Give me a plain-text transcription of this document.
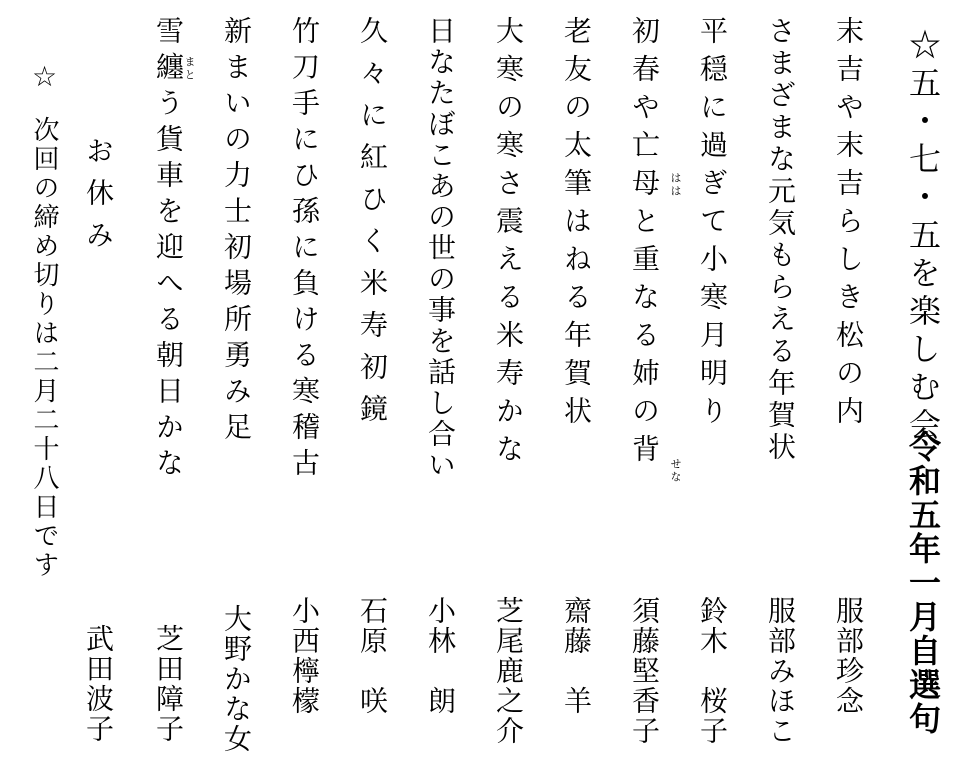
☆五・七・五を楽しむ会
令和五年一月自選句
末吉や末吉らしき松の内
服部珍念
さまざまな元気もらえる年賀状
服部みほこ
平穏に過ぎて小寒月明り
鈴木　桜子
初春や亡母と重なる姉の背 はは
せな
須藤堅香子
老友の太筆はねる年賀状
齋藤　羊
大寒の寒さ震える米寿かな
芝尾鹿之介
日なたぼこあの世の事を話し合い
小林　朗
久々に紅ひく米寿初鏡
石原　咲
竹刀手にひ孫に負ける寒稽古
小西檸檬
新まいの力士初場所勇み足
大野かな女
雪纏う貨車を迎へる朝日かな
まと
芝田障子
お休み
武田波子
☆
次回の締め切りは二月二十八日です
